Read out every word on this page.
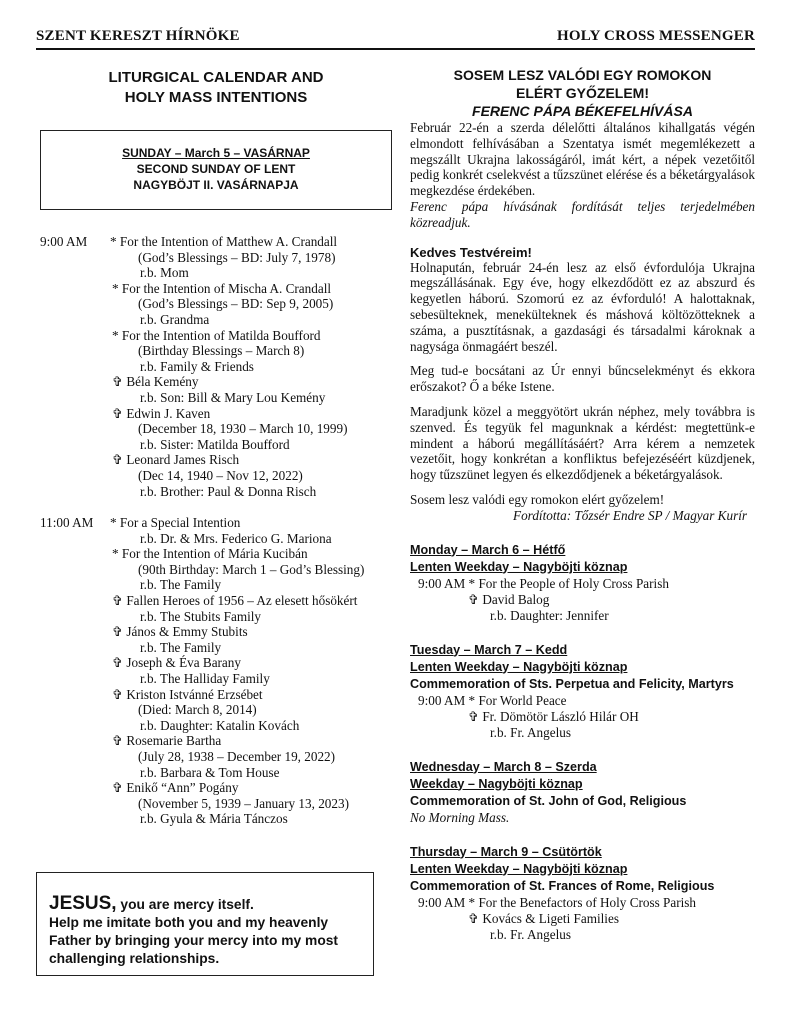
SZENT KERESZT HÍRNÖKE	HOLY CROSS MESSENGER
LITURGICAL CALENDAR AND
HOLY MASS INTENTIONS
SUNDAY – March 5 – VASÁRNAP
SECOND SUNDAY OF LENT
NAGYBÖJT II. VASÁRNAPJA
9:00 AM * For the Intention of Matthew A. Crandall
(God’s Blessings – BD: July 7, 1978)
r.b. Mom
* For the Intention of Mischa A. Crandall
(God’s Blessings – BD: Sep 9, 2005)
r.b. Grandma
* For the Intention of Matilda Boufford
(Birthday Blessings – March 8)
r.b. Family & Friends
✞ Béla Kemény
r.b. Son: Bill & Mary Lou Kemény
✞ Edwin J. Kaven
(December 18, 1930 – March 10, 1999)
r.b. Sister: Matilda Boufford
✞ Leonard James Risch
(Dec 14, 1940 – Nov 12, 2022)
r.b. Brother: Paul & Donna Risch
11:00 AM * For a Special Intention
r.b. Dr. & Mrs. Federico G. Mariona
* For the Intention of Mária Kucibán
(90th Birthday: March 1 – God’s Blessing)
r.b. The Family
✞ Fallen Heroes of 1956 – Az elesett hősökért
r.b. The Stubits Family
✞ János & Emmy Stubits
r.b. The Family
✞ Joseph & Éva Barany
r.b. The Halliday Family
✞ Kriston Istvánné Erzsébet
(Died: March 8, 2014)
r.b. Daughter: Katalin Kovách
✞ Rosemarie Bartha
(July 28, 1938 – December 19, 2022)
r.b. Barbara & Tom House
✞ Enikő “Ann” Pogány
(November 5, 1939 – January 13, 2023)
r.b. Gyula & Mária Tánczos
JESUS, you are mercy itself.
Help me imitate both you and my heavenly
Father by bringing your mercy into my most
challenging relationships.
SOSEM LESZ VALÓDI EGY ROMOKON
ELÉRT GYŐZELEM!
FERENC PÁPA BÉKEFELHÍVÁSA
Február 22-én a szerda délelőtti általános kihallgatás végén elmondott felhívásában a Szentatya ismét megemlékezett a megszállt Ukrajna lakosságáról, imát kért, a népek vezetőitől pedig konkrét cselekvést a tűzszünet elérése és a béketárgyalások megkezdése érdekében.
Ferenc pápa hívásának fordítását teljes terjedelmében közreadjuk.
Kedves Testvéreim!
Holnapután, február 24-én lesz az első évfordulója Ukrajna megszállásának. Egy éve, hogy elkezdődött ez az abszurd és kegyetlen háború. Szomorú ez az évforduló! A halottaknak, sebesülteknek, menekülteknek és máshová költözötteknek a száma, a pusztításnak, a gazdasági és társadalmi károknak a nagysága önmagáért beszél.
Meg tud-e bocsátani az Úr ennyi bűncselekményt és ekkora erőszakot? Ő a béke Istene.
Maradjunk közel a meggyötört ukrán néphez, mely továbbra is szenved. És tegyük fel magunknak a kérdést: megtettünk-e mindent a háború megállításáért? Arra kérem a nemzetek vezetőit, hogy konkrétan a konfliktus befejezéséért küzdjenek, hogy tűzszünet legyen és elkezdődjenek a béketárgyalások.
Sosem lesz valódi egy romokon elért győzelem!
Fordította: Tőzsér Endre SP / Magyar Kurír
Monday – March 6 – Hétfő
Lenten Weekday – Nagyböjti köznap
9:00 AM * For the People of Holy Cross Parish
✞ David Balog
r.b. Daughter: Jennifer
Tuesday – March 7 – Kedd
Lenten Weekday – Nagyböjti köznap
Commemoration of Sts. Perpetua and Felicity, Martyrs
9:00 AM * For World Peace
✞ Fr. Dömötör László Hilár OH
r.b. Fr. Angelus
Wednesday – March 8 – Szerda
Weekday – Nagyböjti köznap
Commemoration of St. John of God, Religious
No Morning Mass.
Thursday – March 9 – Csütörtök
Lenten Weekday – Nagyböjti köznap
Commemoration of St. Frances of Rome, Religious
9:00 AM * For the Benefactors of Holy Cross Parish
✞ Kovács & Ligeti Families
r.b. Fr. Angelus
